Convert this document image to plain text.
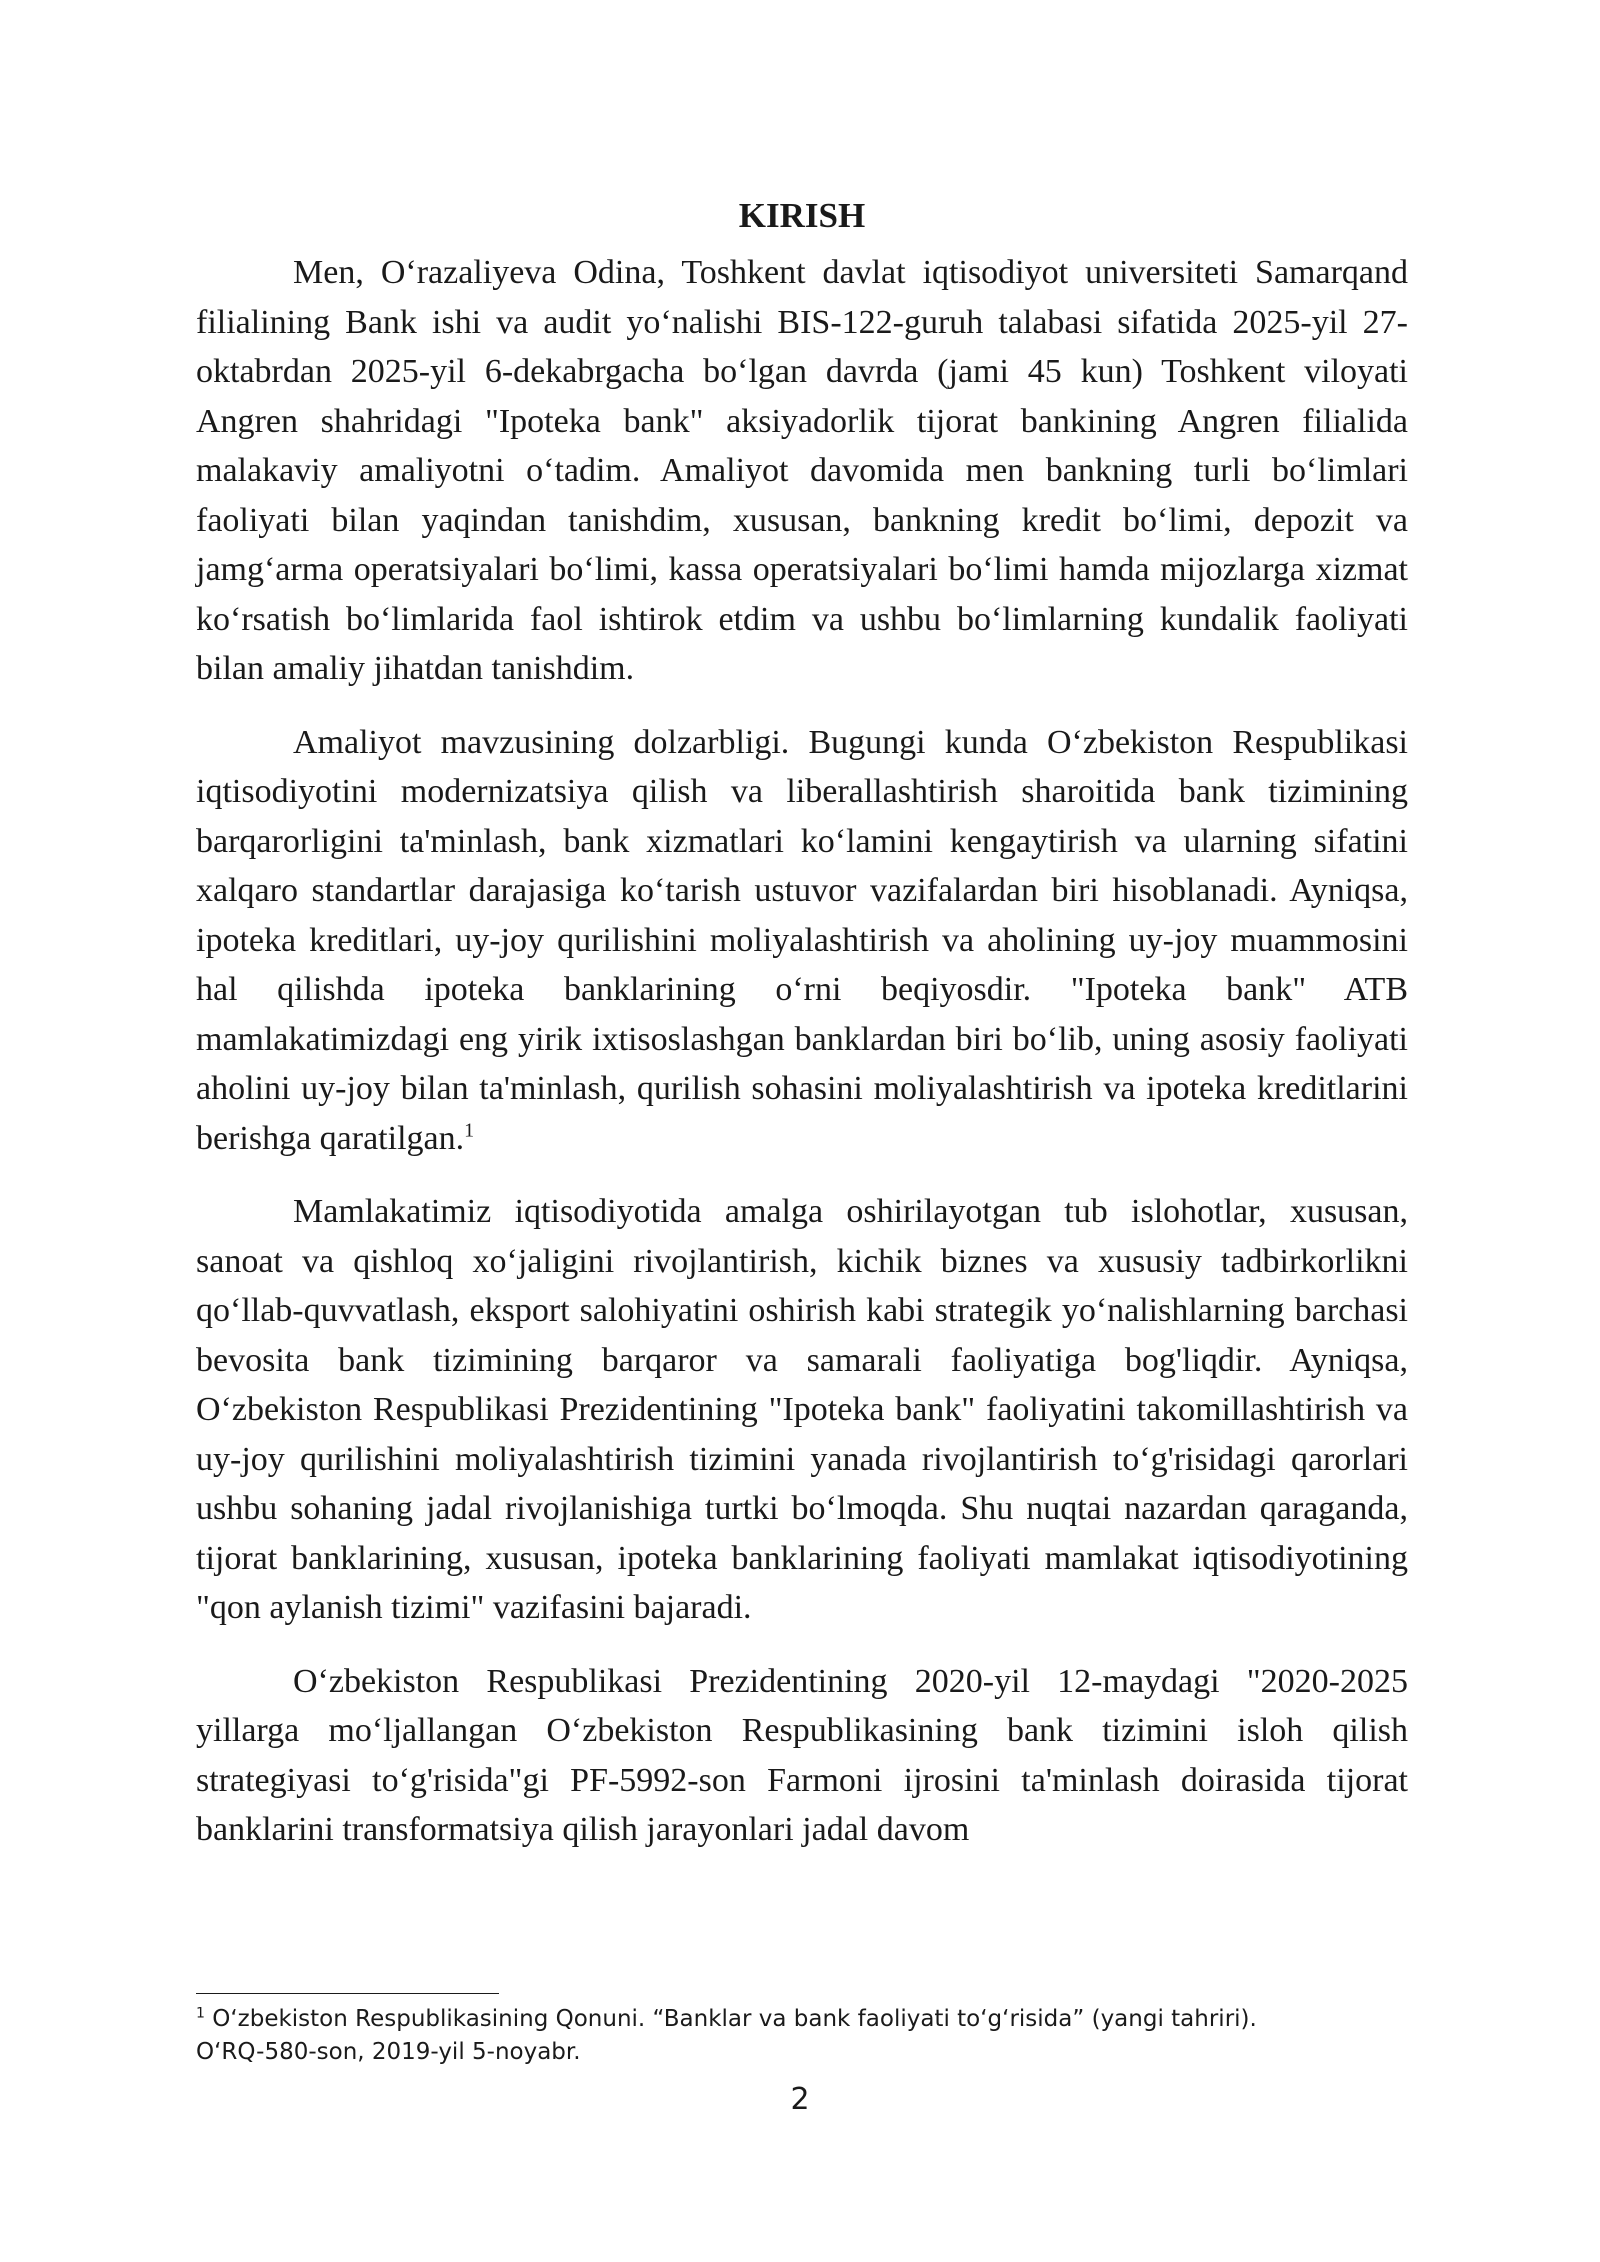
KIRISH

Men, O‘razaliyeva Odina, Toshkent davlat iqtisodiyot universiteti Samarqand filialining Bank ishi va audit yo‘nalishi BIS-122-guruh talabasi sifatida 2025-yil 27-oktabrdan 2025-yil 6-dekabrgacha bo‘lgan davrda (jami 45 kun) Toshkent viloyati Angren shahridagi "Ipoteka bank" aksiyadorlik tijorat bankining Angren filialida malakaviy amaliyotni o‘tadim. Amaliyot davomida men bankning turli bo‘limlari faoliyati bilan yaqindan tanishdim, xususan, bankning kredit bo‘limi, depozit va jamg‘arma operatsiyalari bo‘limi, kassa operatsiyalari bo‘limi hamda mijozlarga xizmat ko‘rsatish bo‘limlarida faol ishtirok etdim va ushbu bo‘limlarning kundalik faoliyati bilan amaliy jihatdan tanishdim.

Amaliyot mavzusining dolzarbligi. Bugungi kunda O‘zbekiston Respublikasi iqtisodiyotini modernizatsiya qilish va liberallashtirish sharoitida bank tizimining barqarorligini ta'minlash, bank xizmatlari ko‘lamini kengaytirish va ularning sifatini xalqaro standartlar darajasiga ko‘tarish ustuvor vazifalardan biri hisoblanadi. Ayniqsa, ipoteka kreditlari, uy-joy qurilishini moliyalashtirish va aholining uy-joy muammosini hal qilishda ipoteka banklarining o‘rni beqiyosdir. "Ipoteka bank" ATB mamlakatimizdagi eng yirik ixtisoslashgan banklardan biri bo‘lib, uning asosiy faoliyati aholini uy-joy bilan ta'minlash, qurilish sohasini moliyalashtirish va ipoteka kreditlarini berishga qaratilgan.$^1$

Mamlakatimiz iqtisodiyotida amalga oshirilayotgan tub islohotlar, xususan, sanoat va qishloq xo‘jaligini rivojlantirish, kichik biznes va xususiy tadbirkorlikni qo‘llab-quvvatlash, eksport salohiyatini oshirish kabi strategik yo‘nalishlarning barchasi bevosita bank tizimining barqaror va samarali faoliyatiga bog'liqdir. Ayniqsa, O‘zbekiston Respublikasi Prezidentining "Ipoteka bank" faoliyatini takomillashtirish va uy-joy qurilishini moliyalashtirish tizimini yanada rivojlantirish to‘g'risidagi qarorlari ushbu sohaning jadal rivojlanishiga turtki bo‘lmoqda. Shu nuqtai nazardan qaraganda, tijorat banklarining, xususan, ipoteka banklarining faoliyati mamlakat iqtisodiyotining "qon aylanish tizimi" vazifasini bajaradi.

O‘zbekiston Respublikasi Prezidentining 2020-yil 12-maydagi "2020-2025 yillarga mo‘ljallangan O‘zbekiston Respublikasining bank tizimini isloh qilish strategiyasi to‘g'risida"gi PF-5992-son Farmoni ijrosini ta'minlash doirasida tijorat banklarini transformatsiya qilish jarayonlari jadal davom

$^1$ O‘zbekiston Respublikasining Qonuni. “Banklar va bank faoliyati to‘g‘risida” (yangi tahriri).
O‘RQ-580-son, 2019-yil 5-noyabr.
2
